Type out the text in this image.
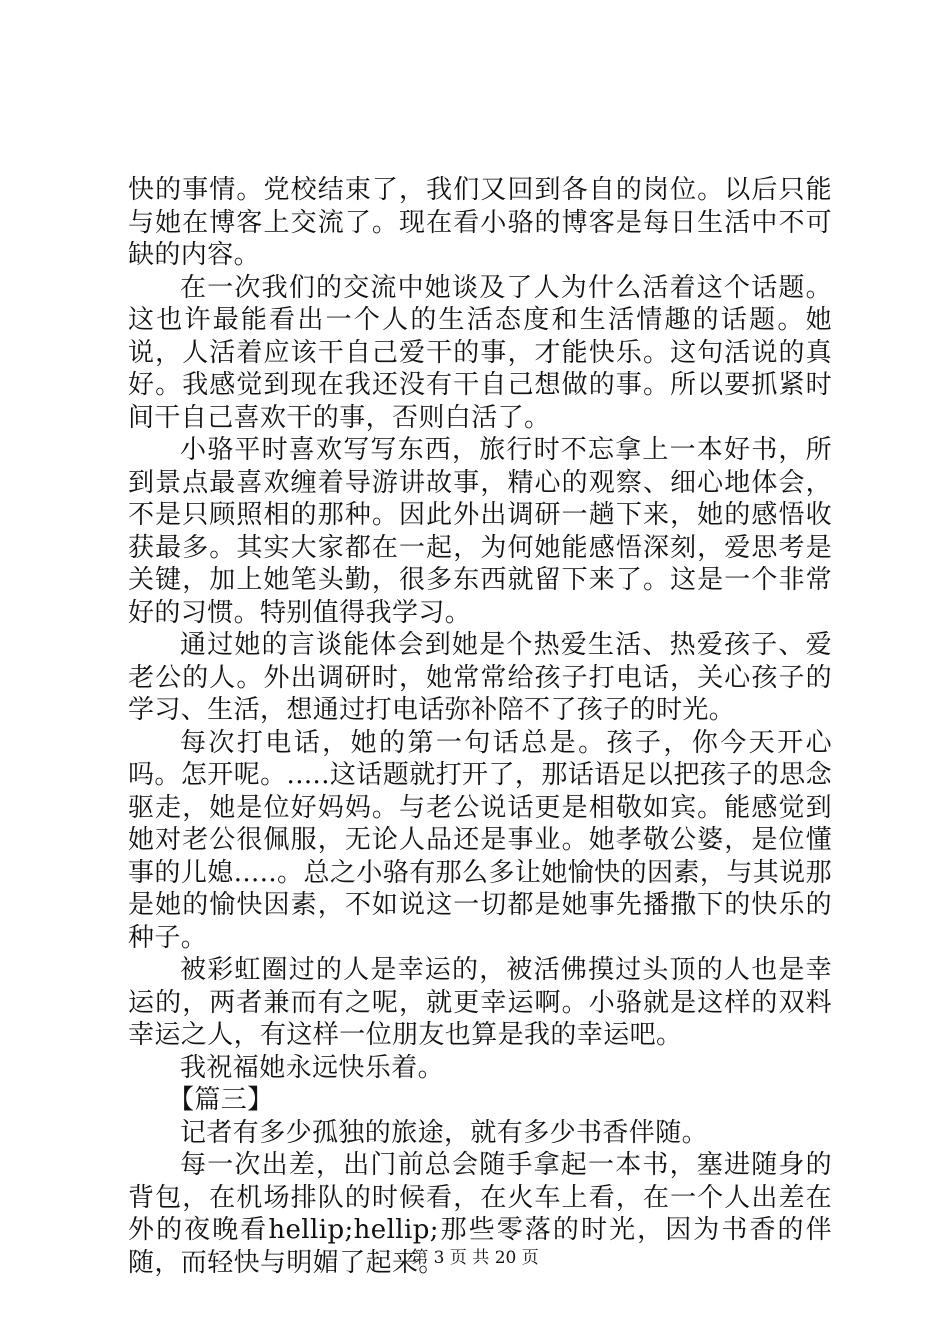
快的事情。党校结束了，我们又回到各自的岗位。以后只能与她在博客上交流了。现在看小骆的博客是每日生活中不可缺的内容。

在一次我们的交流中她谈及了人为什么活着这个话题。这也许最能看出一个人的生活态度和生活情趣的话题。她说，人活着应该干自己爱干的事，才能快乐。这句活说的真好。我感觉到现在我还没有干自己想做的事。所以要抓紧时间干自己喜欢干的事，否则白活了。

小骆平时喜欢写写东西，旅行时不忘拿上一本好书，所到景点最喜欢缠着导游讲故事，精心的观察、细心地体会，不是只顾照相的那种。因此外出调研一趟下来，她的感悟收获最多。其实大家都在一起，为何她能感悟深刻，爱思考是关键，加上她笔头勤，很多东西就留下来了。这是一个非常好的习惯。特别值得我学习。

通过她的言谈能体会到她是个热爱生活、热爱孩子、爱老公的人。外出调研时，她常常给孩子打电话，关心孩子的学习、生活，想通过打电话弥补陪不了孩子的时光。

每次打电话，她的第一句话总是。孩子，你今天开心吗。怎开呢。.....这话题就打开了，那话语足以把孩子的思念驱走，她是位好妈妈。与老公说话更是相敬如宾。能感觉到她对老公很佩服，无论人品还是事业。她孝敬公婆，是位懂事的儿媳.....。总之小骆有那么多让她愉快的因素，与其说那是她的愉快因素，不如说这一切都是她事先播撒下的快乐的种子。

被彩虹圈过的人是幸运的，被活佛摸过头顶的人也是幸运的，两者兼而有之呢，就更幸运啊。小骆就是这样的双料幸运之人，有这样一位朋友也算是我的幸运吧。

我祝福她永远快乐着。

【篇三】

记者有多少孤独的旅途，就有多少书香伴随。

每一次出差，出门前总会随手拿起一本书，塞进随身的背包，在机场排队的时候看，在火车上看，在一个人出差在外的夜晚看hellip;hellip;那些零落的时光，因为书香的伴随，而轻快与明媚了起来。

第 3 页 共 20 页
